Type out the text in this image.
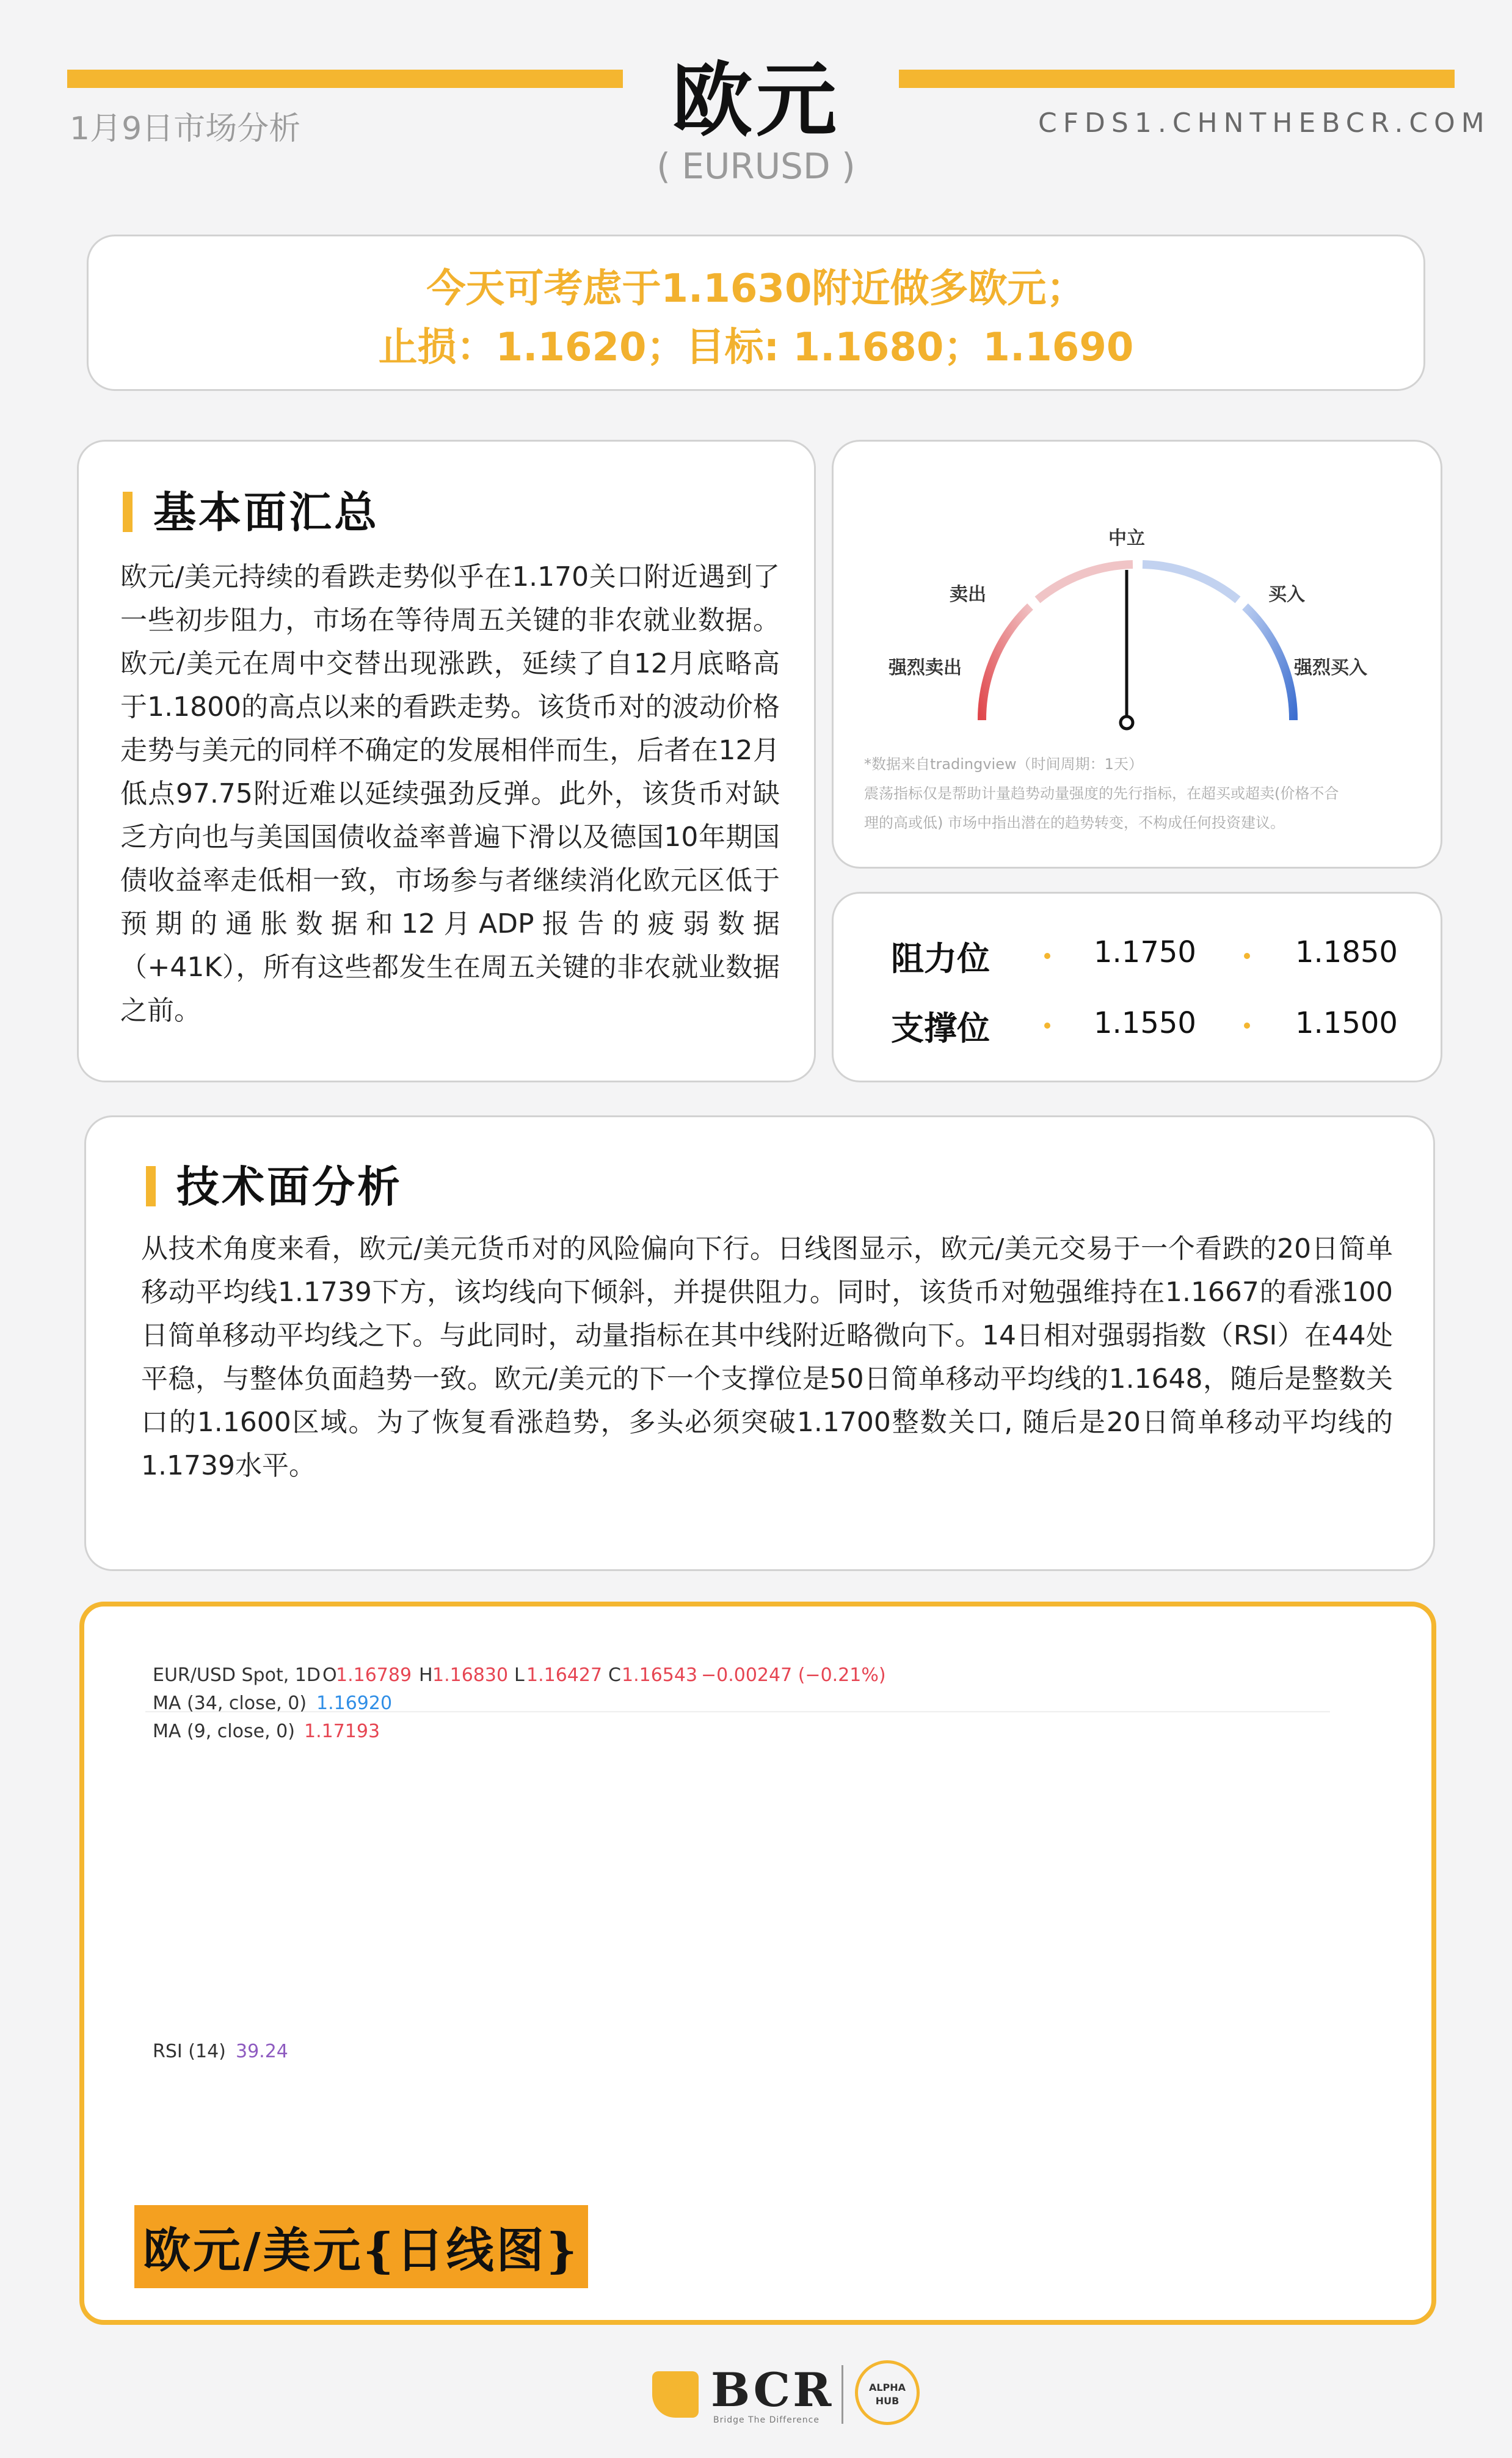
1月9日市场分析	欧元
( EURUSD )
CFDS1.CHNTHEBCR.COM
今天可考虑于1.1630附近做多欧元；
止损：1.1620；目标: 1.1680；1.1690
基本面汇总
欧元/美元持续的看跌走势似乎在1.170关口附近遇到了一些初步阻力，市场在等待周五关键的非农就业数据。欧元/美元在周中交替出现涨跌，延续了自12月底略高于1.1800的高点以来的看跌走势。该货币对的波动价格走势与美元的同样不确定的发展相伴而生，后者在12月低点97.75附近难以延续强劲反弹。此外，该货币对缺乏方向也与美国国债收益率普遍下滑以及德国10年期国债收益率走低相一致，市场参与者继续消化欧元区低于预期的通胀数据和12月ADP报告的疲弱数据（+41K），所有这些都发生在周五关键的非农就业数据之前。
中立
卖出	买入
强烈卖出	强烈买入
*数据来自tradingview（时间周期：1天）
震荡指标仅是帮助计量趋势动量强度的先行指标，在超买或超卖(价格不合
理的高或低) 市场中指出潜在的趋势转变，不构成任何投资建议。
阻力位	1.1750	1.1850
支撑位	1.1550	1.1500
技术面分析
从技术角度来看，欧元/美元货币对的风险偏向下行。日线图显示，欧元/美元交易于一个看跌的20日简单移动平均线1.1739下方，该均线向下倾斜，并提供阻力。同时，该货币对勉强维持在1.1667的看涨100日简单移动平均线之下。与此同时，动量指标在其中线附近略微向下。14日相对强弱指数（RSI）在44处平稳，与整体负面趋势一致。欧元/美元的下一个支撑位是50日简单移动平均线的1.1648，随后是整数关口的1.1600区域。为了恢复看涨趋势，多头必须突破1.1700整数关口, 随后是20日简单移动平均线的1.1739水平。
EUR/USD Spot, 1D O
1.16789 H 1.16830 L 1.16427 C 1.16543 −0.00247 (−0.21%)
MA (34, close, 0) 1.16920
MA (9, close, 0) 1.17193
RSI (14) 39.24
欧元/美元{日线图}
BCR
Bridge The Difference
ALPHA
HUB
